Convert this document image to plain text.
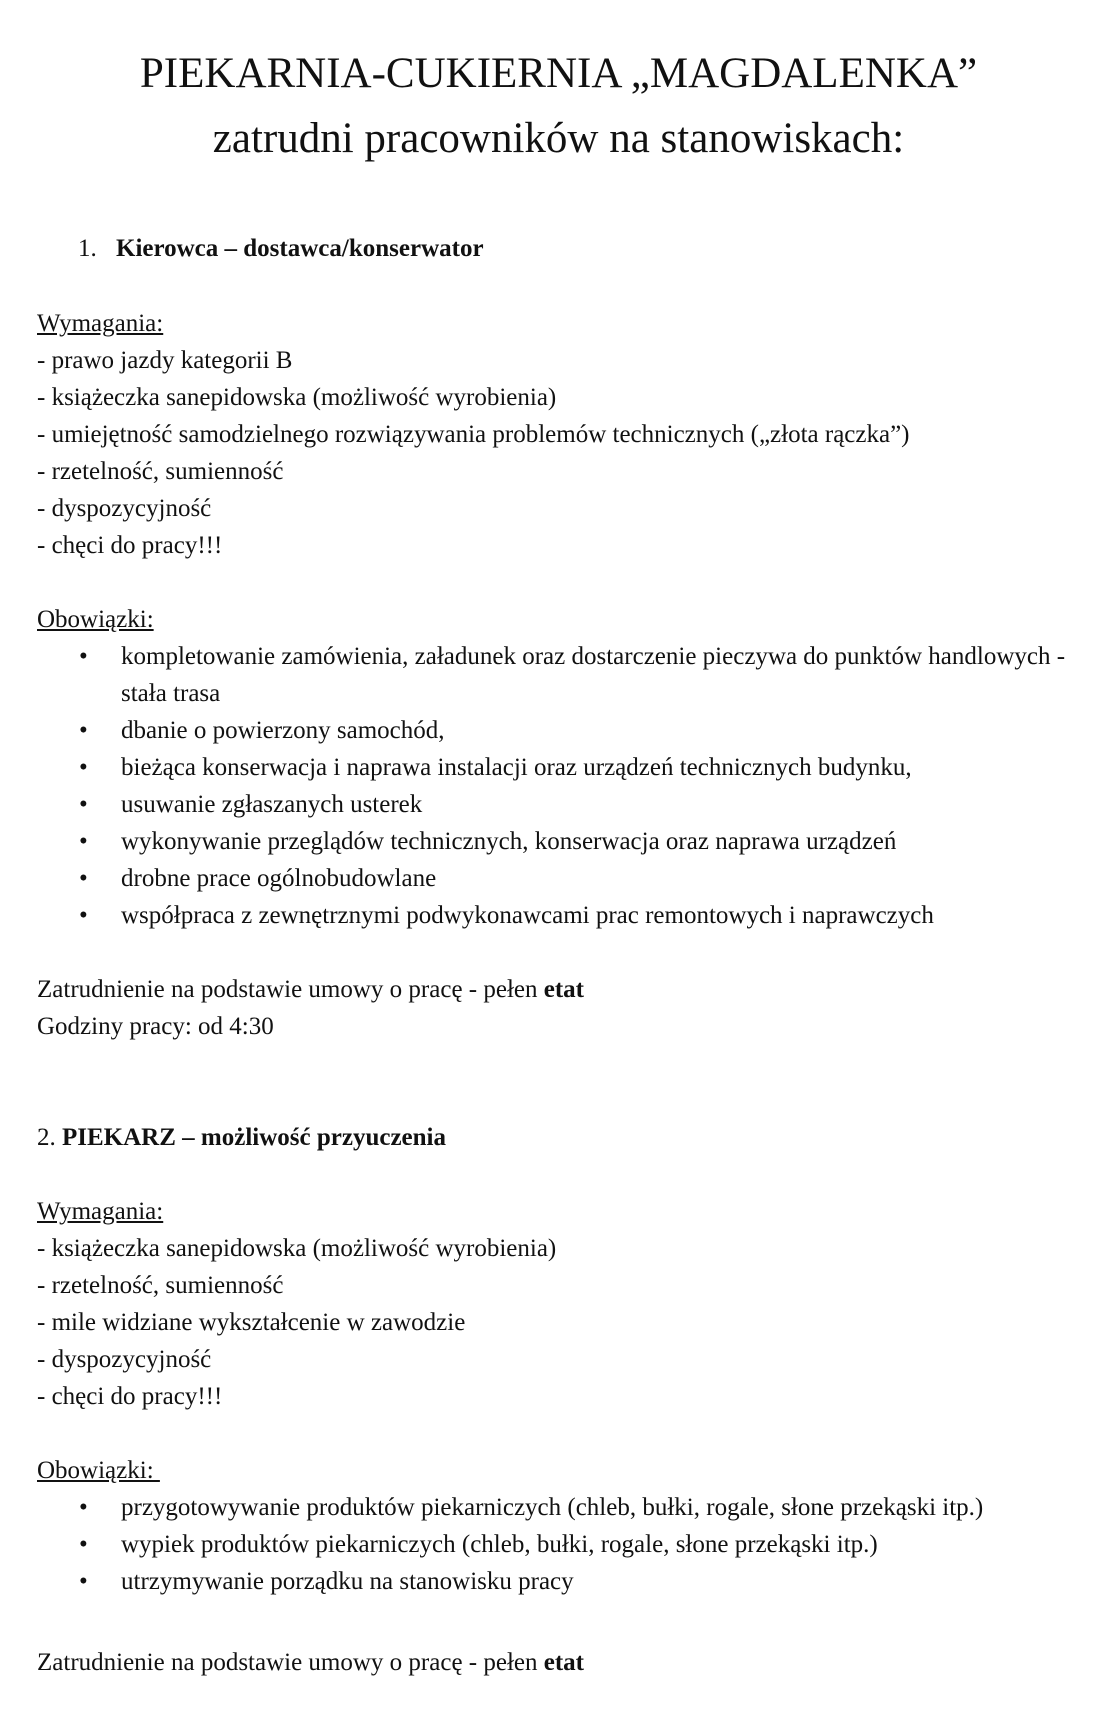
PIEKARNIA-CUKIERNIA „MAGDALENKA”
zatrudni pracowników na stanowiskach:
1. Kierowca – dostawca/konserwator
Wymagania:
- prawo jazdy kategorii B
- książeczka sanepidowska (możliwość wyrobienia)
- umiejętność samodzielnego rozwiązywania problemów technicznych („złota rączka”)
- rzetelność, sumienność
- dyspozycyjność
- chęci do pracy!!!
Obowiązki:
• kompletowanie zamówienia, załadunek oraz dostarczenie pieczywa do punktów handlowych - stała trasa
• dbanie o powierzony samochód,
• bieżąca konserwacja i naprawa instalacji oraz urządzeń technicznych budynku,
• usuwanie zgłaszanych usterek
• wykonywanie przeglądów technicznych, konserwacja oraz naprawa urządzeń
• drobne prace ogólnobudowlane
• współpraca z zewnętrznymi podwykonawcami prac remontowych i naprawczych
Zatrudnienie na podstawie umowy o pracę - pełen etat
Godziny pracy: od 4:30
2. PIEKARZ – możliwość przyuczenia
Wymagania:
- książeczka sanepidowska (możliwość wyrobienia)
- rzetelność, sumienność
- mile widziane wykształcenie w zawodzie
- dyspozycyjność
- chęci do pracy!!!
Obowiązki:
• przygotowywanie produktów piekarniczych (chleb, bułki, rogale, słone przekąski itp.)
• wypiek produktów piekarniczych (chleb, bułki, rogale, słone przekąski itp.)
• utrzymywanie porządku na stanowisku pracy
Zatrudnienie na podstawie umowy o pracę - pełen etat
